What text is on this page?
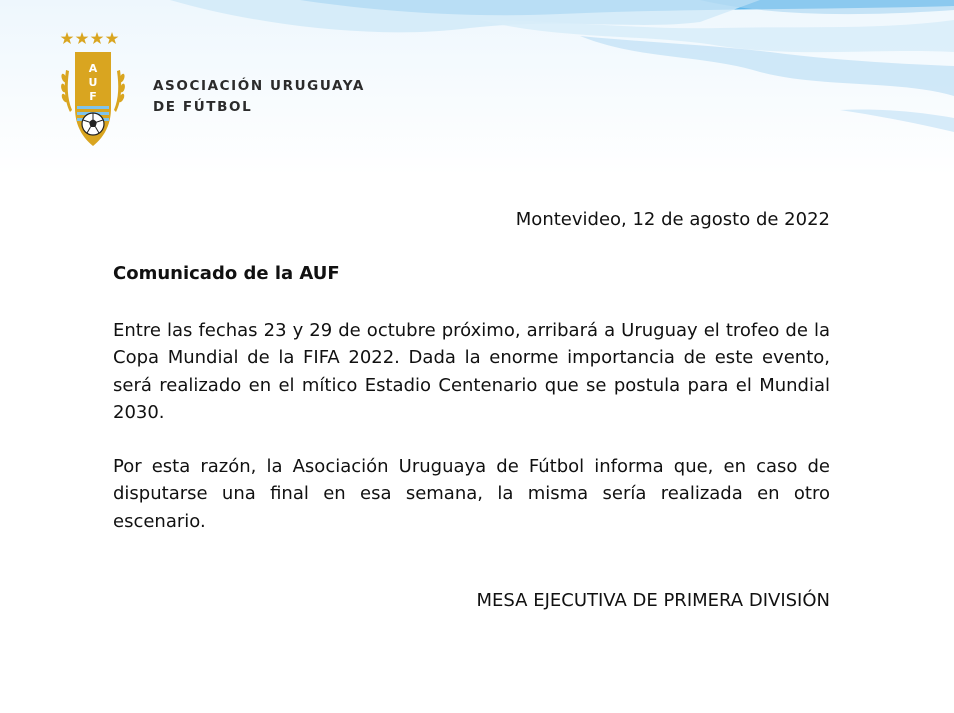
A
U
F
ASOCIACIÓN URUGUAYA
DE FÚTBOL
Montevideo, 12 de agosto de 2022
Comunicado de la AUF
Entre las fechas 23 y 29 de octubre próximo, arribará a Uruguay el trofeo de la Copa Mundial de la FIFA 2022. Dada la enorme importancia de este evento, será realizado en el mítico Estadio Centenario que se postula para el Mundial 2030.
Por esta razón, la Asociación Uruguaya de Fútbol informa que, en caso de disputarse una final en esa semana, la misma sería realizada en otro escenario.
MESA EJECUTIVA DE PRIMERA DIVISIÓN
